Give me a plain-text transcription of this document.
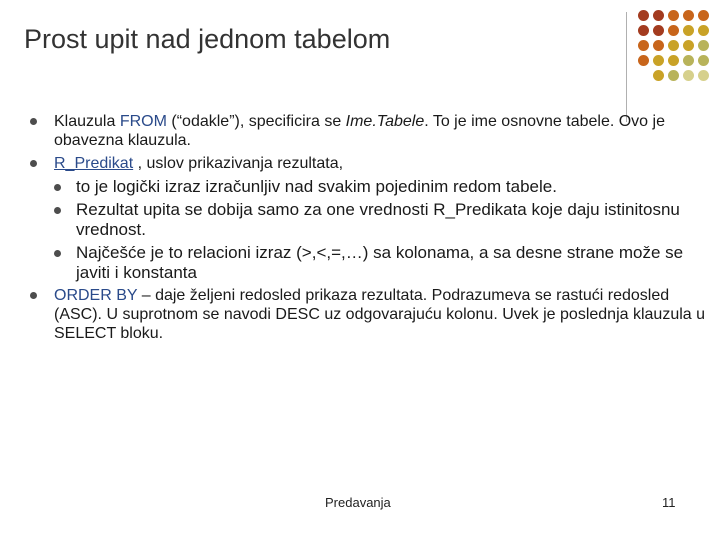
Prost upit nad jednom tabelom
Klauzula FROM (“odakle”), specificira se Ime.Tabele. To je ime osnovne tabele. Ovo je obavezna klauzula.
R_Predikat , uslov prikazivanja rezultata,
to je logički izraz izračunljiv nad svakim pojedinim redom tabele.
Rezultat upita se dobija samo za one vrednosti R_Predikata koje daju istinitosnu vrednost.
Najčešće je to relacioni izraz (>,<,=,…) sa kolonama, a sa desne strane može se javiti i konstanta
ORDER BY – daje željeni redosled prikaza rezultata. Podrazumeva se rastući redosled (ASC). U suprotnom se navodi DESC uz odgovarajuću kolonu. Uvek je poslednja klauzula u SELECT bloku.
Predavanja	11
